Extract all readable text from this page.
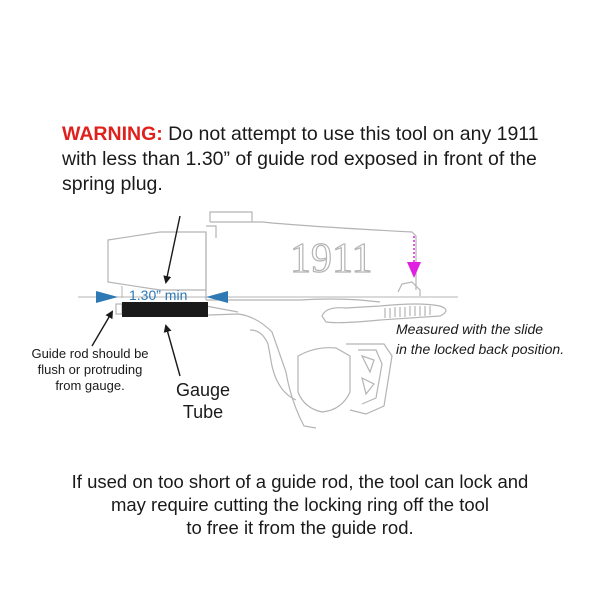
WARNING: Do not attempt to use this tool on any 1911 with less than 1.30” of guide rod exposed in front of the spring plug.
1911
1.30” min
Measured with the slide
in the locked back position.
Guide rod should be
flush or protruding
from gauge.	Gauge
Tube
If used on too short of a guide rod, the tool can lock and
may require cutting the locking ring off the tool
to free it from the guide rod.
